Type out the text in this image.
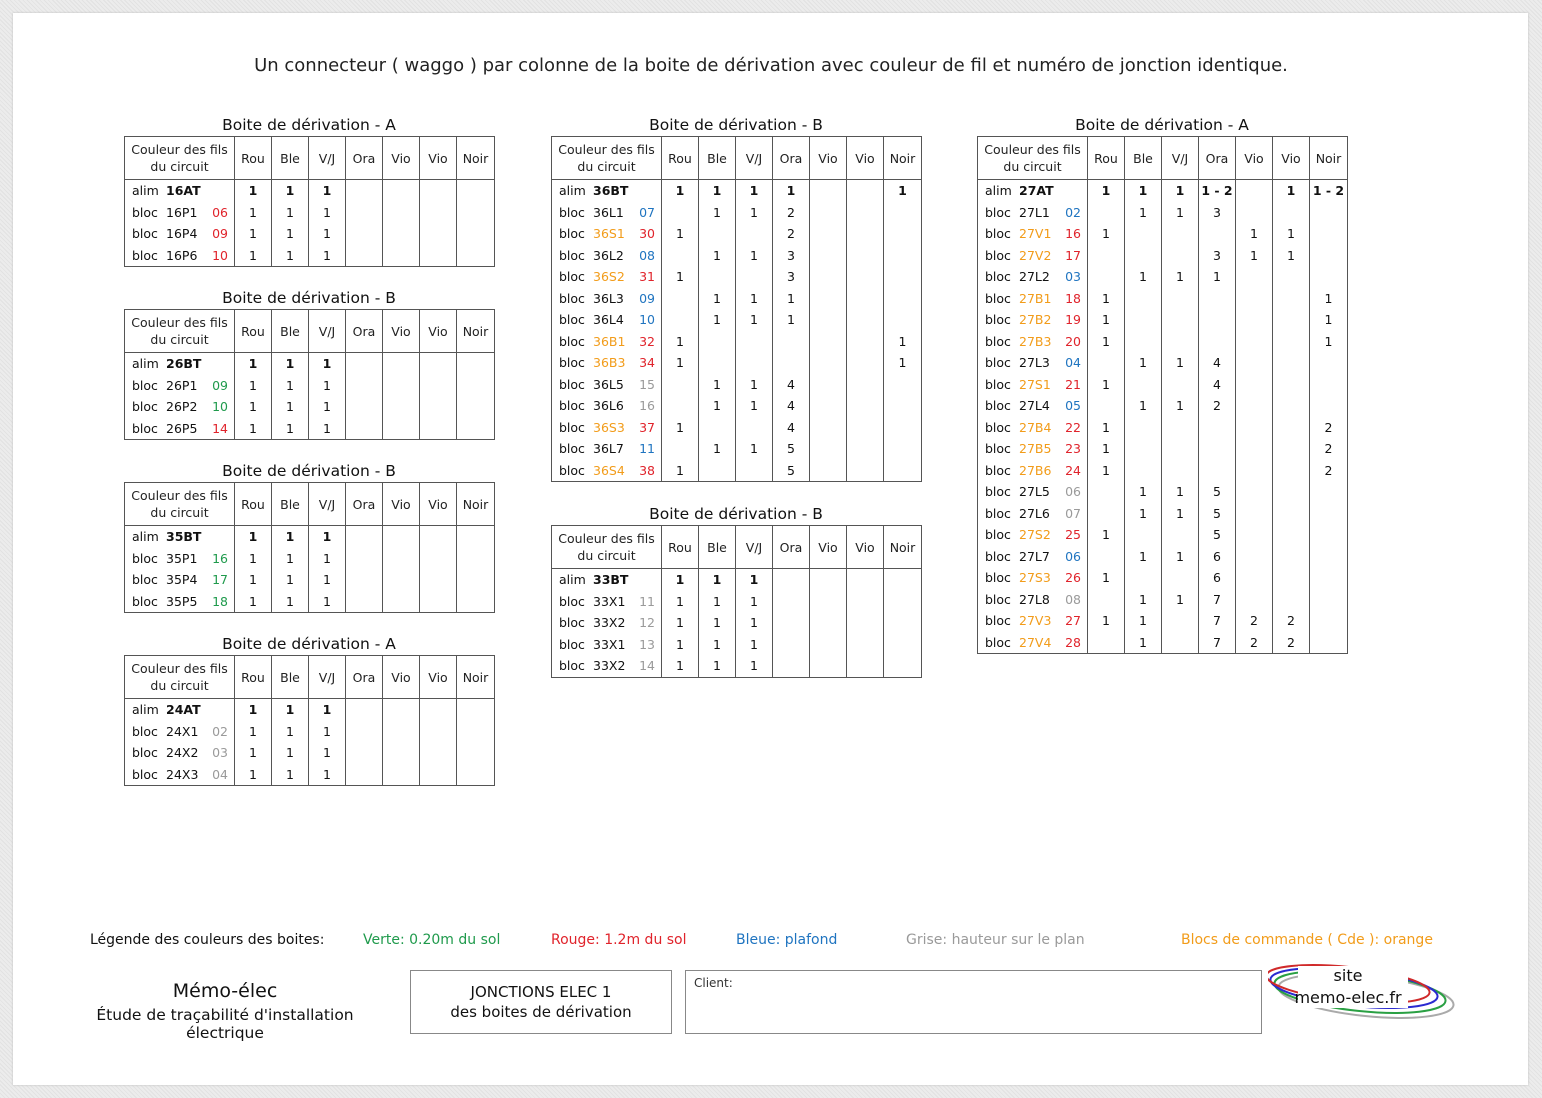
Un connecteur ( waggo ) par colonne de la boite de dérivation avec couleur de fil et numéro de jonction identique.
Boite de dérivation - A
Couleur des fils
du circuit	Rou	Ble	V/J	Ora	Vio	Vio	Noir
alim 16AT	1	1	1				
bloc 16P1 06	1	1	1				
bloc 16P4 09	1	1	1				
bloc 16P6 10	1	1	1				
Boite de dérivation - B
Couleur des fils
du circuit	Rou	Ble	V/J	Ora	Vio	Vio	Noir
alim 26BT	1	1	1				
bloc 26P1 09	1	1	1				
bloc 26P2 10	1	1	1				
bloc 26P5 14	1	1	1				
Boite de dérivation - B
Couleur des fils
du circuit	Rou	Ble	V/J	Ora	Vio	Vio	Noir
alim 35BT	1	1	1				
bloc 35P1 16	1	1	1				
bloc 35P4 17	1	1	1				
bloc 35P5 18	1	1	1				
Boite de dérivation - A
Couleur des fils
du circuit	Rou	Ble	V/J	Ora	Vio	Vio	Noir
alim 24AT	1	1	1				
bloc 24X1 02	1	1	1				
bloc 24X2 03	1	1	1				
bloc 24X3 04	1	1	1				
Boite de dérivation - B
Couleur des fils
du circuit	Rou	Ble	V/J	Ora	Vio	Vio	Noir
alim 36BT	1	1	1	1			1
bloc 36L1 07		1	1	2			
bloc 36S1 30	1			2			
bloc 36L2 08		1	1	3			
bloc 36S2 31	1			3			
bloc 36L3 09		1	1	1			
bloc 36L4 10		1	1	1			
bloc 36B1 32	1						1
bloc 36B3 34	1						1
bloc 36L5 15		1	1	4			
bloc 36L6 16		1	1	4			
bloc 36S3 37	1			4			
bloc 36L7 11		1	1	5			
bloc 36S4 38	1			5			
Boite de dérivation - B
Couleur des fils
du circuit	Rou	Ble	V/J	Ora	Vio	Vio	Noir
alim 33BT	1	1	1				
bloc 33X1 11	1	1	1				
bloc 33X2 12	1	1	1				
bloc 33X1 13	1	1	1				
bloc 33X2 14	1	1	1				
Boite de dérivation - A
Couleur des fils
du circuit	Rou	Ble	V/J	Ora	Vio	Vio	Noir
alim 27AT	1	1	1	1 - 2		1	1 - 2
bloc 27L1 02		1	1	3			
bloc 27V1 16	1				1	1	
bloc 27V2 17				3	1	1	
bloc 27L2 03		1	1	1			
bloc 27B1 18	1						1
bloc 27B2 19	1						1
bloc 27B3 20	1						1
bloc 27L3 04		1	1	4			
bloc 27S1 21	1			4			
bloc 27L4 05		1	1	2			
bloc 27B4 22	1						2
bloc 27B5 23	1						2
bloc 27B6 24	1						2
bloc 27L5 06		1	1	5			
bloc 27L6 07		1	1	5			
bloc 27S2 25	1			5			
bloc 27L7 06		1	1	6			
bloc 27S3 26	1			6			
bloc 27L8 08		1	1	7			
bloc 27V3 27	1	1		7	2	2	
bloc 27V4 28		1		7	2	2	
Légende des couleurs des boites:	Verte: 0.20m du sol	Rouge: 1.2m du sol	Bleue: plafond	Grise: hauteur sur le plan	Blocs de commande ( Cde ): orange
Mémo-élec
Étude de traçabilité d'installation électrique
JONCTIONS ELEC 1
des boites de dérivation
Client:	site
memo-elec.fr
